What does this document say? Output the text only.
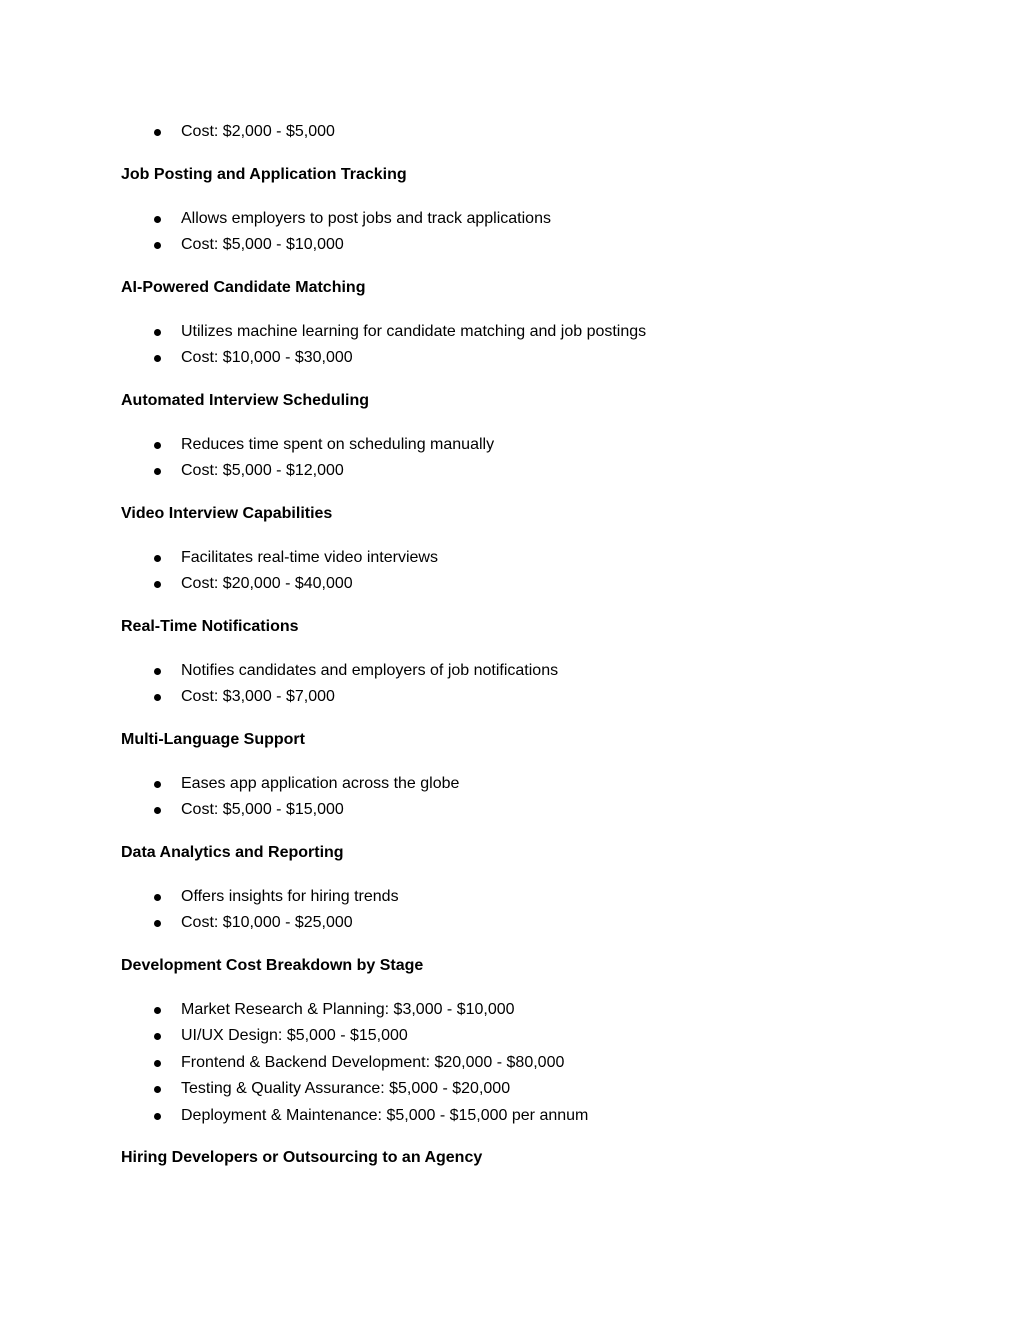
Cost: $2,000 - $5,000
Job Posting and Application Tracking
Allows employers to post jobs and track applications
Cost: $5,000 - $10,000
AI-Powered Candidate Matching
Utilizes machine learning for candidate matching and job postings
Cost: $10,000 - $30,000
Automated Interview Scheduling
Reduces time spent on scheduling manually
Cost: $5,000 - $12,000
Video Interview Capabilities
Facilitates real-time video interviews
Cost: $20,000 - $40,000
Real-Time Notifications
Notifies candidates and employers of job notifications
Cost: $3,000 - $7,000
Multi-Language Support
Eases app application across the globe
Cost: $5,000 - $15,000
Data Analytics and Reporting
Offers insights for hiring trends
Cost: $10,000 - $25,000
Development Cost Breakdown by Stage
Market Research & Planning: $3,000 - $10,000
UI/UX Design: $5,000 - $15,000
Frontend & Backend Development: $20,000 - $80,000
Testing & Quality Assurance: $5,000 - $20,000
Deployment & Maintenance: $5,000 - $15,000 per annum
Hiring Developers or Outsourcing to an Agency
